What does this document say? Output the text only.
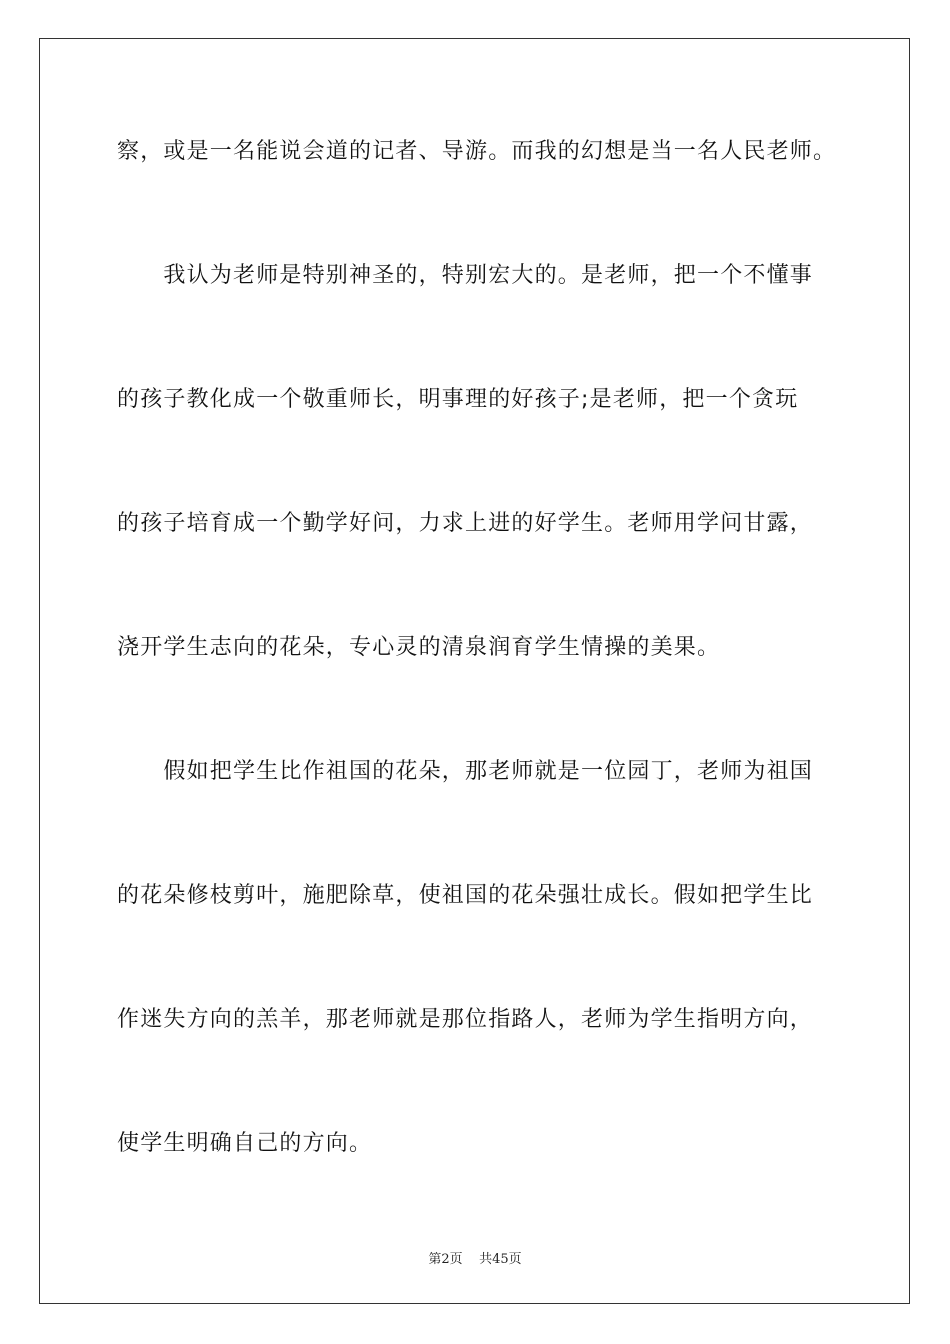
察，或是一名能说会道的记者、导游。而我的幻想是当一名人民老师。
　　我认为老师是特别神圣的，特别宏大的。是老师，把一个不懂事
的孩子教化成一个敬重师长，明事理的好孩子;是老师，把一个贪玩
的孩子培育成一个勤学好问，力求上进的好学生。老师用学问甘露，
浇开学生志向的花朵，专心灵的清泉润育学生情操的美果。
　　假如把学生比作祖国的花朵，那老师就是一位园丁，老师为祖国
的花朵修枝剪叶，施肥除草，使祖国的花朵强壮成长。假如把学生比
作迷失方向的羔羊，那老师就是那位指路人，老师为学生指明方向，
使学生明确自己的方向。
第2页 共45页
